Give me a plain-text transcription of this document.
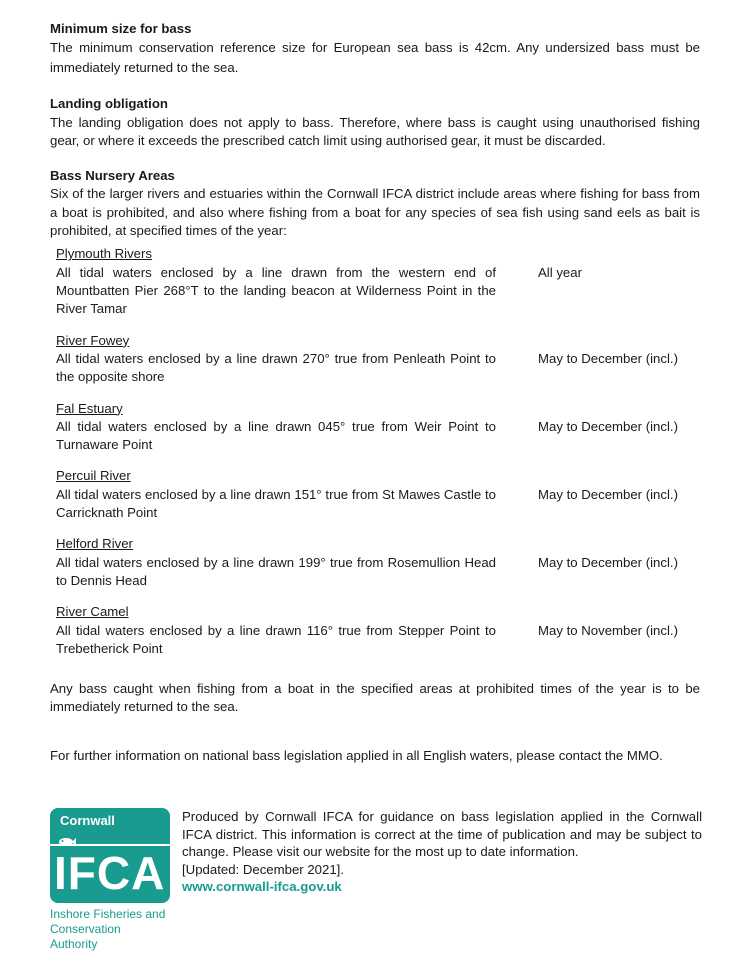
Minimum size for bass

The minimum conservation reference size for European sea bass is 42cm. Any undersized bass must be immediately returned to the sea.

Landing obligation

The landing obligation does not apply to bass. Therefore, where bass is caught using unauthorised fishing gear, or where it exceeds the prescribed catch limit using authorised gear, it must be discarded.

Bass Nursery Areas

Six of the larger rivers and estuaries within the Cornwall IFCA district include areas where fishing for bass from a boat is prohibited, and also where fishing from a boat for any species of sea fish using sand eels as bait is prohibited, at specified times of the year:

Plymouth Rivers
All tidal waters enclosed by a line drawn from the western end of Mountbatten Pier 268°T to the landing beacon at Wilderness Point in the River Tamar
All year
River Fowey
All tidal waters enclosed by a line drawn 270° true from Penleath Point to the opposite shore
May to December (incl.)
Fal Estuary
All tidal waters enclosed by a line drawn 045° true from Weir Point to Turnaware Point
May to December (incl.)
Percuil River
All tidal waters enclosed by a line drawn 151° true from St Mawes Castle to Carricknath Point
May to December (incl.)
Helford River
All tidal waters enclosed by a line drawn 199° true from Rosemullion Head to Dennis Head
May to December (incl.)
River Camel
All tidal waters enclosed by a line drawn 116° true from Stepper Point to Trebetherick Point
May to November (incl.)

Any bass caught when fishing from a boat in the specified areas at prohibited times of the year is to be immediately returned to the sea.

For further information on national bass legislation applied in all English waters, please contact the MMO.

Cornwall
IFCA
Inshore Fisheries and
Conservation Authority

Produced by Cornwall IFCA for guidance on bass legislation applied in the Cornwall IFCA district. This information is correct at the time of publication and may be subject to change. Please visit our website for the most up to date information.

[Updated: December 2021].
www.cornwall-ifca.gov.uk
